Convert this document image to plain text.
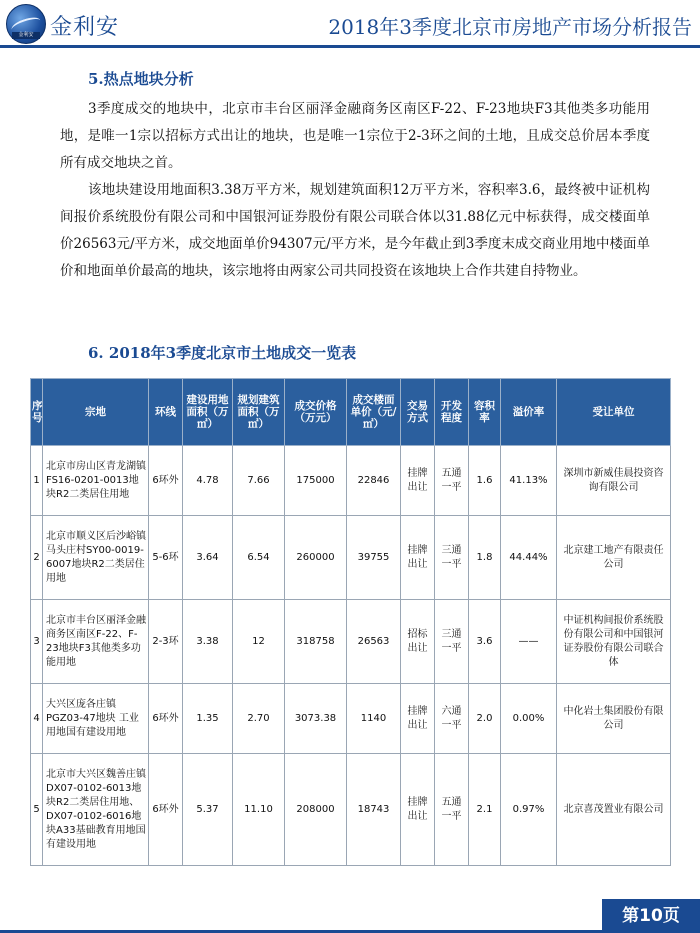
金利安 金利安	2018年3季度北京市房地产市场分析报告
5.热点地块分析
3季度成交的地块中，北京市丰台区丽泽金融商务区南区F-22、F-23地块F3其他类多功能用地，是唯一1宗以招标方式出让的地块，也是唯一1宗位于2-3环之间的土地，且成交总价居本季度所有成交地块之首。
该地块建设用地面积3.38万平方米，规划建筑面积12万平方米，容积率3.6，最终被中证机构间报价系统股份有限公司和中国银河证券股份有限公司联合体以31.88亿元中标获得，成交楼面单价26563元/平方米，成交地面单价94307元/平方米，是今年截止到3季度末成交商业用地中楼面单价和地面单价最高的地块，该宗地将由两家公司共同投资在该地块上合作共建自持物业。
6. 2018年3季度北京市土地成交一览表
序号	宗地	环线	建设用地面积（万㎡）	规划建筑面积（万㎡）	成交价格（万元）	成交楼面单价（元/㎡）	交易方式	开发程度	容积率	溢价率	受让单位
1	北京市房山区青龙湖镇FS16-0201-0013地块R2二类居住用地	6环外	4.78	7.66	175000	22846	挂牌出让	五通一平	1.6	41.13%	深圳市新威佳晨投资咨询有限公司
2	北京市顺义区后沙峪镇马头庄村SY00-0019-6007地块R2二类居住用地	5-6环	3.64	6.54	260000	39755	挂牌出让	三通一平	1.8	44.44%	北京建工地产有限责任公司
3	北京市丰台区丽泽金融商务区南区F-22、F-23地块F3其他类多功能用地	2-3环	3.38	12	318758	26563	招标出让	三通一平	3.6	——	中证机构间报价系统股份有限公司和中国银河证券股份有限公司联合体
4	大兴区庞各庄镇PGZ03-47地块 工业用地国有建设用地	6环外	1.35	2.70	3073.38	1140	挂牌出让	六通一平	2.0	0.00%	中化岩土集团股份有限公司
5	北京市大兴区魏善庄镇DX07-0102-6013地块R2二类居住用地、DX07-0102-6016地块A33基础教育用地国有建设用地	6环外	5.37	11.10	208000	18743	挂牌出让	五通一平	2.1	0.97%	北京喜茂置业有限公司
第10页
